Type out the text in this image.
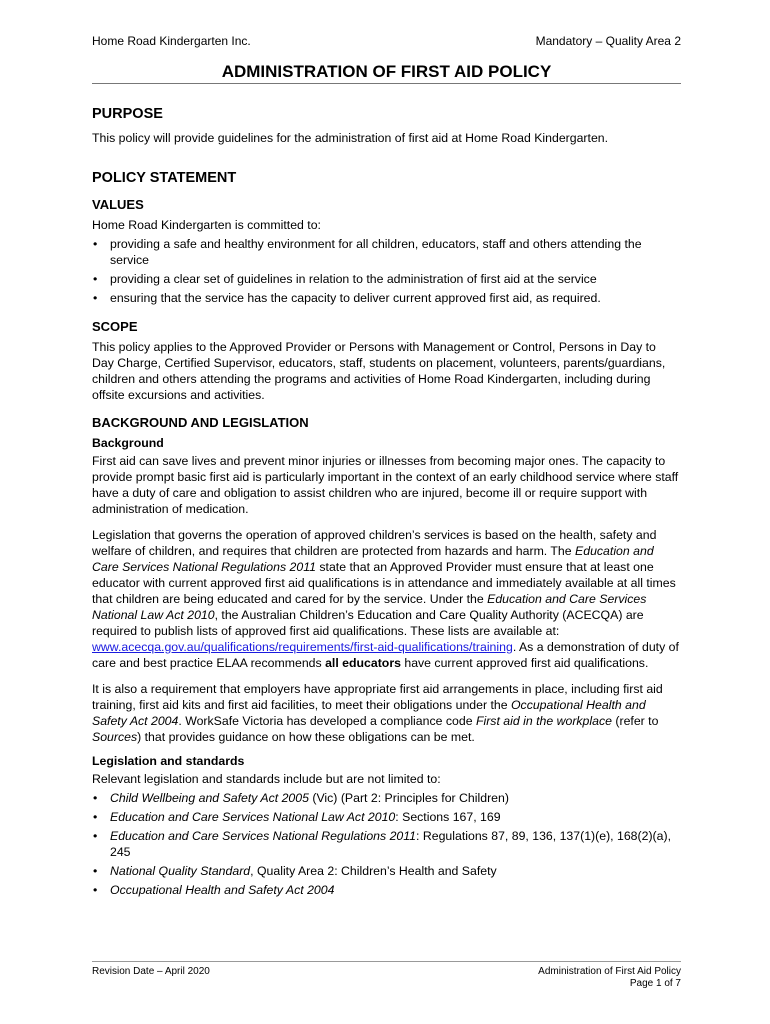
Home Road Kindergarten Inc.	Mandatory – Quality Area 2
ADMINISTRATION OF FIRST AID POLICY
PURPOSE

This policy will provide guidelines for the administration of first aid at Home Road Kindergarten.

POLICY STATEMENT
VALUES

Home Road Kindergarten is committed to:

• providing a safe and healthy environment for all children, educators, staff and others attending the service
• providing a clear set of guidelines in relation to the administration of first aid at the service
• ensuring that the service has the capacity to deliver current approved first aid, as required.
SCOPE

This policy applies to the Approved Provider or Persons with Management or Control, Persons in Day to Day Charge, Certified Supervisor, educators, staff, students on placement, volunteers, parents/guardians, children and others attending the programs and activities of Home Road Kindergarten, including during offsite excursions and activities.

BACKGROUND AND LEGISLATION
Background

First aid can save lives and prevent minor injuries or illnesses from becoming major ones. The capacity to provide prompt basic first aid is particularly important in the context of an early childhood service where staff have a duty of care and obligation to assist children who are injured, become ill or require support with administration of medication.

Legislation that governs the operation of approved children’s services is based on the health, safety and welfare of children, and requires that children are protected from hazards and harm. The Education and Care Services National Regulations 2011 state that an Approved Provider must ensure that at least one educator with current approved first aid qualifications is in attendance and immediately available at all times that children are being educated and cared for by the service. Under the Education and Care Services National Law Act 2010, the Australian Children’s Education and Care Quality Authority (ACECQA) are required to publish lists of approved first aid qualifications. These lists are available at: www.acecqa.gov.au/qualifications/requirements/first-aid-qualifications/training. As a demonstration of duty of care and best practice ELAA recommends all educators have current approved first aid qualifications.

It is also a requirement that employers have appropriate first aid arrangements in place, including first aid training, first aid kits and first aid facilities, to meet their obligations under the Occupational Health and Safety Act 2004. WorkSafe Victoria has developed a compliance code First aid in the workplace (refer to Sources) that provides guidance on how these obligations can be met.

Legislation and standards

Relevant legislation and standards include but are not limited to:

• Child Wellbeing and Safety Act 2005 (Vic) (Part 2: Principles for Children)
• Education and Care Services National Law Act 2010: Sections 167, 169
• Education and Care Services National Regulations 2011: Regulations 87, 89, 136, 137(1)(e), 168(2)(a), 245
• National Quality Standard, Quality Area 2: Children’s Health and Safety
• Occupational Health and Safety Act 2004
Revision Date – April 2020	Administration of First Aid Policy
Page 1 of 7
